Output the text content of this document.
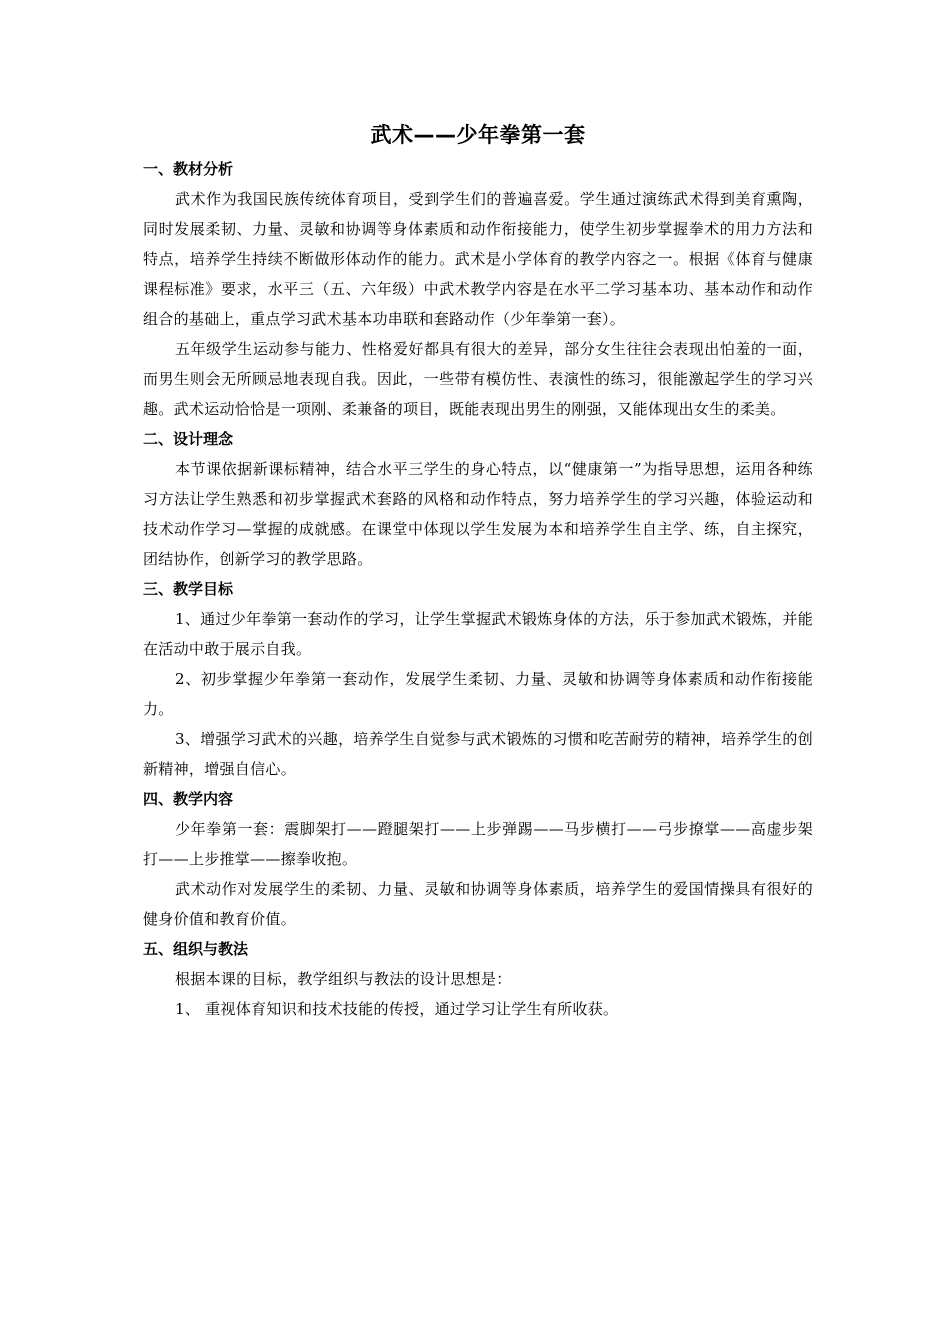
武术——少年拳第一套
一、教材分析

武术作为我国民族传统体育项目，受到学生们的普遍喜爱。学生通过演练武术得到美育熏陶，同时发展柔韧、力量、灵敏和协调等身体素质和动作衔接能力，使学生初步掌握拳术的用力方法和特点，培养学生持续不断做形体动作的能力。武术是小学体育的教学内容之一。根据《体育与健康课程标准》要求，水平三（五、六年级）中武术教学内容是在水平二学习基本功、基本动作和动作组合的基础上，重点学习武术基本功串联和套路动作（少年拳第一套）。

五年级学生运动参与能力、性格爱好都具有很大的差异，部分女生往往会表现出怕羞的一面，而男生则会无所顾忌地表现自我。因此，一些带有模仿性、表演性的练习，很能激起学生的学习兴趣。武术运动恰恰是一项刚、柔兼备的项目，既能表现出男生的刚强，又能体现出女生的柔美。

二、设计理念

本节课依据新课标精神，结合水平三学生的身心特点，以“健康第一”为指导思想，运用各种练习方法让学生熟悉和初步掌握武术套路的风格和动作特点，努力培养学生的学习兴趣，体验运动和技术动作学习—掌握的成就感。在课堂中体现以学生发展为本和培养学生自主学、练，自主探究，团结协作，创新学习的教学思路。

三、教学目标

1、通过少年拳第一套动作的学习，让学生掌握武术锻炼身体的方法，乐于参加武术锻炼，并能在活动中敢于展示自我。

2、初步掌握少年拳第一套动作，发展学生柔韧、力量、灵敏和协调等身体素质和动作衔接能力。

3、增强学习武术的兴趣，培养学生自觉参与武术锻炼的习惯和吃苦耐劳的精神，培养学生的创新精神，增强自信心。

四、教学内容

少年拳第一套：震脚架打——蹬腿架打——上步弹踢——马步横打——弓步撩掌——高虚步架打——上步推掌——擦拳收抱。

武术动作对发展学生的柔韧、力量、灵敏和协调等身体素质，培养学生的爱国情操具有很好的健身价值和教育价值。

五、组织与教法

根据本课的目标，教学组织与教法的设计思想是：

1、 重视体育知识和技术技能的传授，通过学习让学生有所收获。
